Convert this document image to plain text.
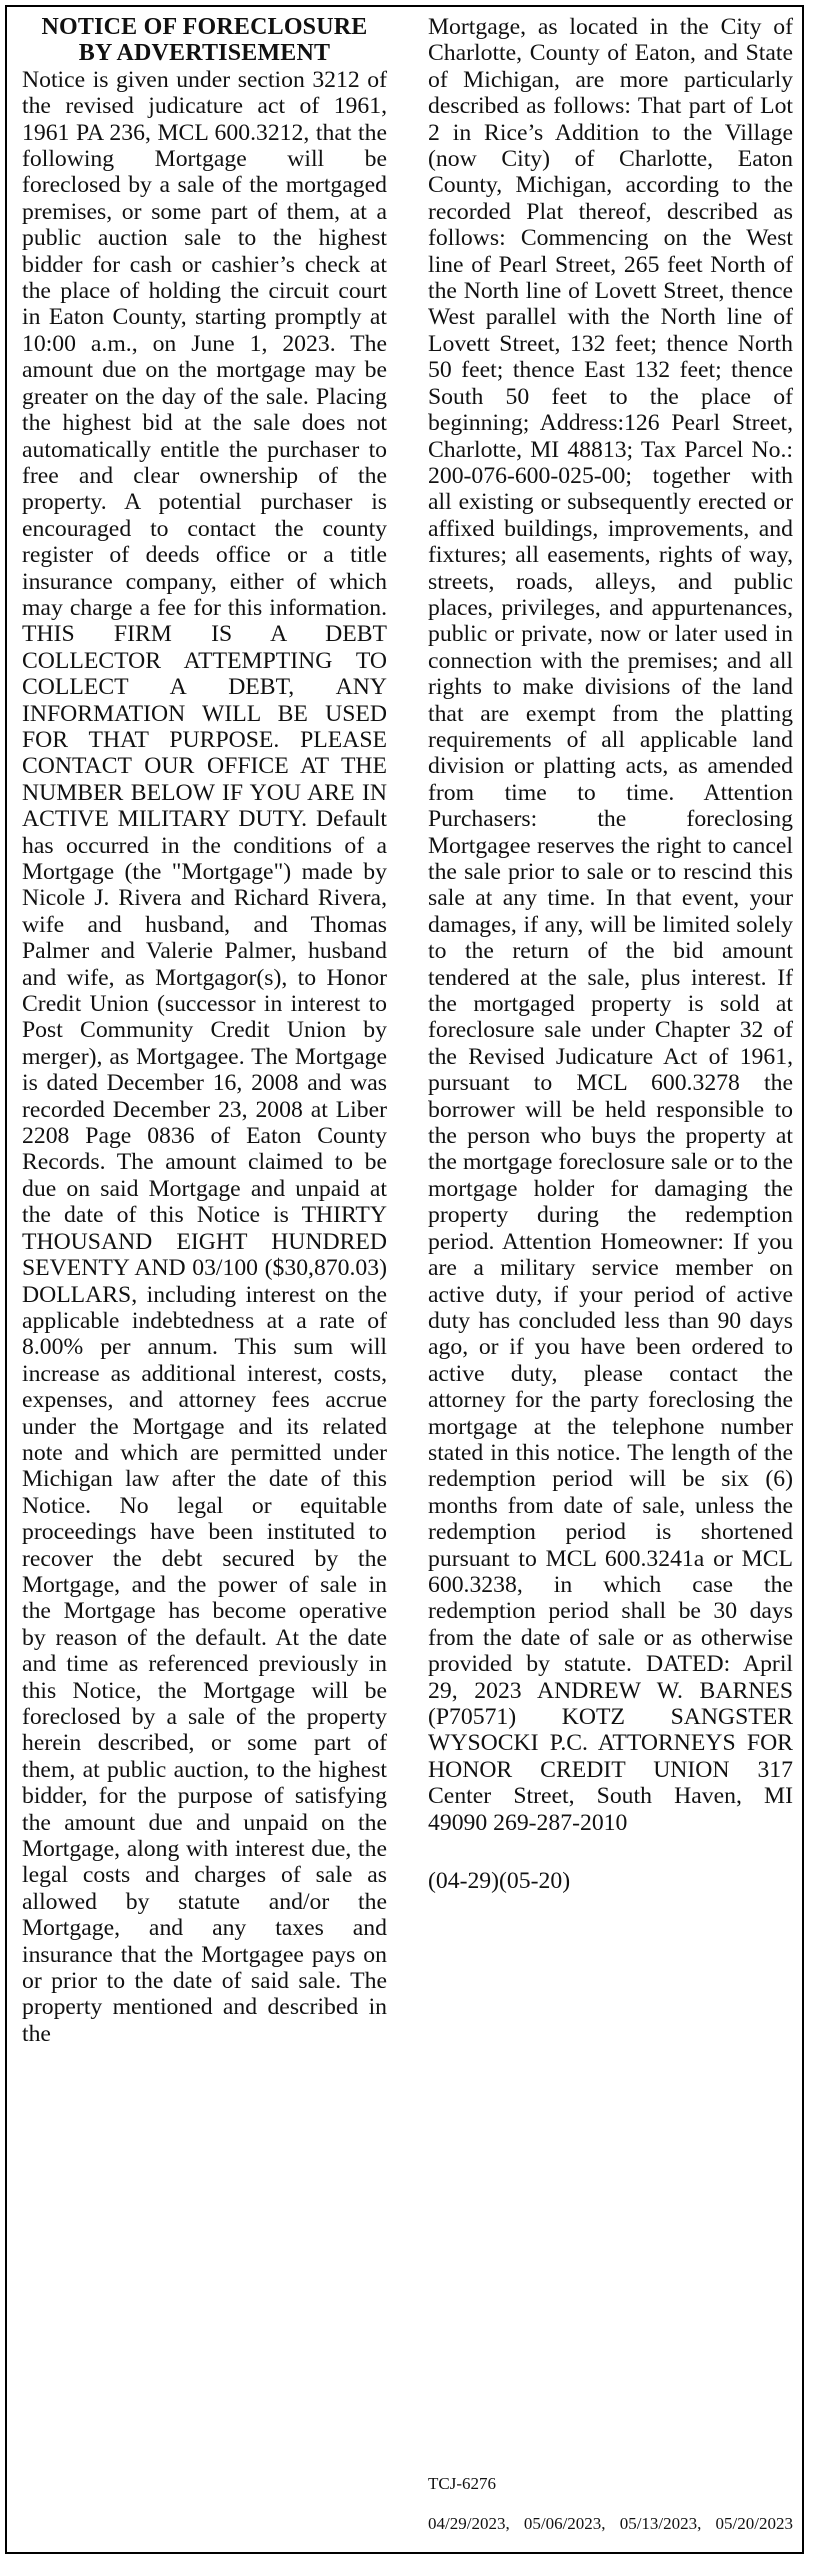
NOTICE OF FORECLOSURE BY ADVERTISEMENT

Notice is given under section 3212 of the revised judicature act of 1961, 1961 PA 236, MCL 600.3212, that the following Mortgage will be foreclosed by a sale of the mortgaged premises, or some part of them, at a public auction sale to the highest bidder for cash or cashier’s check at the place of holding the circuit court in Eaton County, starting promptly at 10:00 a.m., on June 1, 2023. The amount due on the mortgage may be greater on the day of the sale. Placing the highest bid at the sale does not automatically entitle the purchaser to free and clear ownership of the property. A potential purchaser is encouraged to contact the county register of deeds office or a title insurance company, either of which may charge a fee for this information. THIS FIRM IS A DEBT COLLECTOR ATTEMPTING TO COLLECT A DEBT, ANY INFORMATION WILL BE USED FOR THAT PURPOSE. PLEASE CONTACT OUR OFFICE AT THE NUMBER BELOW IF YOU ARE IN ACTIVE MILITARY DUTY. Default has occurred in the conditions of a Mortgage (the "Mortgage") made by Nicole J. Rivera and Richard Rivera, wife and husband, and Thomas Palmer and Valerie Palmer, husband and wife, as Mortgagor(s), to Honor Credit Union (successor in interest to Post Community Credit Union by merger), as Mortgagee. The Mortgage is dated December 16, 2008 and was recorded December 23, 2008 at Liber 2208 Page 0836 of Eaton County Records. The amount claimed to be due on said Mortgage and unpaid at the date of this Notice is THIRTY THOUSAND EIGHT HUNDRED SEVENTY AND 03/100 ($30,870.03) DOLLARS, including interest on the applicable indebtedness at a rate of 8.00% per annum. This sum will increase as additional interest, costs, expenses, and attorney fees accrue under the Mortgage and its related note and which are permitted under Michigan law after the date of this Notice. No legal or equitable proceedings have been instituted to recover the debt secured by the Mortgage, and the power of sale in the Mortgage has become operative by reason of the default. At the date and time as referenced previously in this Notice, the Mortgage will be foreclosed by a sale of the property herein described, or some part of them, at public auction, to the highest bidder, for the purpose of satisfying the amount due and unpaid on the Mortgage, along with interest due, the legal costs and charges of sale as allowed by statute and/or the Mortgage, and any taxes and insurance that the Mortgagee pays on or prior to the date of said sale. The property mentioned and described in the

Mortgage, as located in the City of Charlotte, County of Eaton, and State of Michigan, are more particularly described as follows: That part of Lot 2 in Rice’s Addition to the Village (now City) of Charlotte, Eaton County, Michigan, according to the recorded Plat thereof, described as follows: Commencing on the West line of Pearl Street, 265 feet North of the North line of Lovett Street, thence West parallel with the North line of Lovett Street, 132 feet; thence North 50 feet; thence East 132 feet; thence South 50 feet to the place of beginning; Address:126 Pearl Street, Charlotte, MI 48813; Tax Parcel No.: 200-076-600-025-00; together with all existing or subsequently erected or affixed buildings, improvements, and fixtures; all easements, rights of way, streets, roads, alleys, and public places, privileges, and appurtenances, public or private, now or later used in connection with the premises; and all rights to make divisions of the land that are exempt from the platting requirements of all applicable land division or platting acts, as amended from time to time. Attention Purchasers: the foreclosing Mortgagee reserves the right to cancel the sale prior to sale or to rescind this sale at any time. In that event, your damages, if any, will be limited solely to the return of the bid amount tendered at the sale, plus interest. If the mortgaged property is sold at foreclosure sale under Chapter 32 of the Revised Judicature Act of 1961, pursuant to MCL 600.3278 the borrower will be held responsible to the person who buys the property at the mortgage foreclosure sale or to the mortgage holder for damaging the property during the redemption period. Attention Homeowner: If you are a military service member on active duty, if your period of active duty has concluded less than 90 days ago, or if you have been ordered to active duty, please contact the attorney for the party foreclosing the mortgage at the telephone number stated in this notice. The length of the redemption period will be six (6) months from date of sale, unless the redemption period is shortened pursuant to MCL 600.3241a or MCL 600.3238, in which case the redemption period shall be 30 days from the date of sale or as otherwise provided by statute. DATED: April 29, 2023 ANDREW W. BARNES (P70571) KOTZ SANGSTER WYSOCKI P.C. ATTORNEYS FOR HONOR CREDIT UNION 317 Center Street, South Haven, MI 49090 269-287-2010

(04-29)(05-20)

TCJ-6276

04/29/2023, 05/06/2023, 05/13/2023, 05/20/2023
